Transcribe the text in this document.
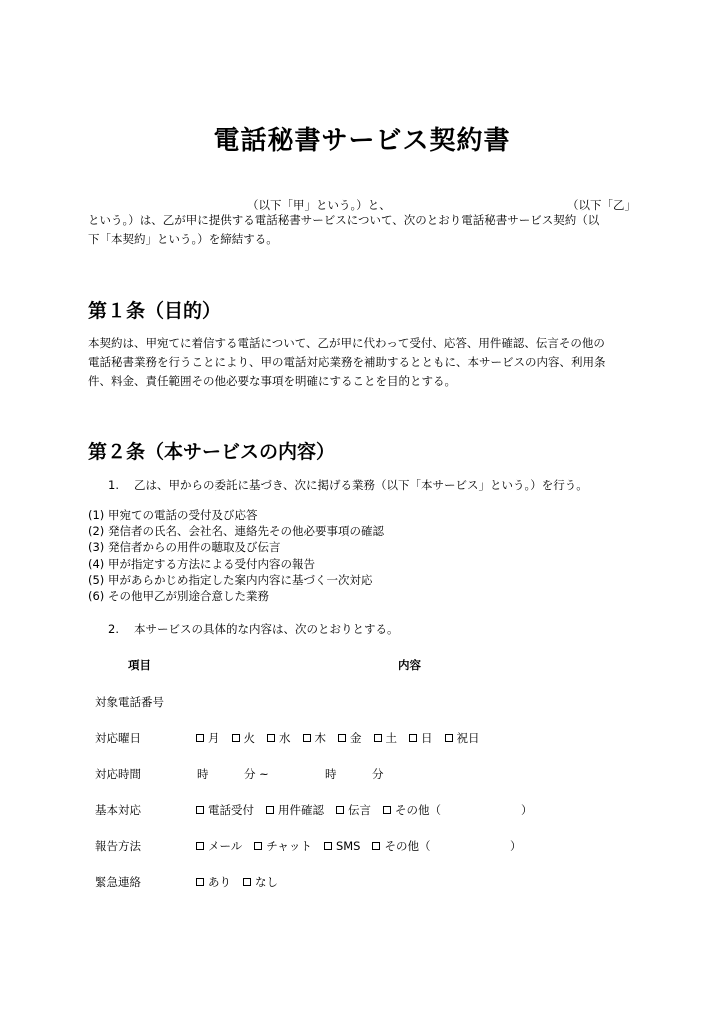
電話秘書サービス契約書
（以下「甲」という。）と、	（以下「乙」
という。）は、乙が甲に提供する電話秘書サービスについて、次のとおり電話秘書サービス契約（以
下「本契約」という。）を締結する。
第１条（目的）
本契約は、甲宛てに着信する電話について、乙が甲に代わって受付、応答、用件確認、伝言その他の
電話秘書業務を行うことにより、甲の電話対応業務を補助するとともに、本サービスの内容、利用条
件、料金、責任範囲その他必要な事項を明確にすることを目的とする。
第２条（本サービスの内容）
1. 乙は、甲からの委託に基づき、次に掲げる業務（以下「本サービス」という。）を行う。
(1) 甲宛ての電話の受付及び応答
(2) 発信者の氏名、会社名、連絡先その他必要事項の確認
(3) 発信者からの用件の聴取及び伝言
(4) 甲が指定する方法による受付内容の報告
(5) 甲があらかじめ指定した案内内容に基づく一次対応
(6) その他甲乙が別途合意した業務
2. 本サービスの具体的な内容は、次のとおりとする。
項目	内容
対象電話番号
対応曜日	月 火 水 木 金 土 日 祝日
対応時間	時	分 ~	時	分
基本対応	電話受付 用件確認 伝言 その他（	）
報告方法	メール チャット SMS その他（	）
緊急連絡	あり なし
